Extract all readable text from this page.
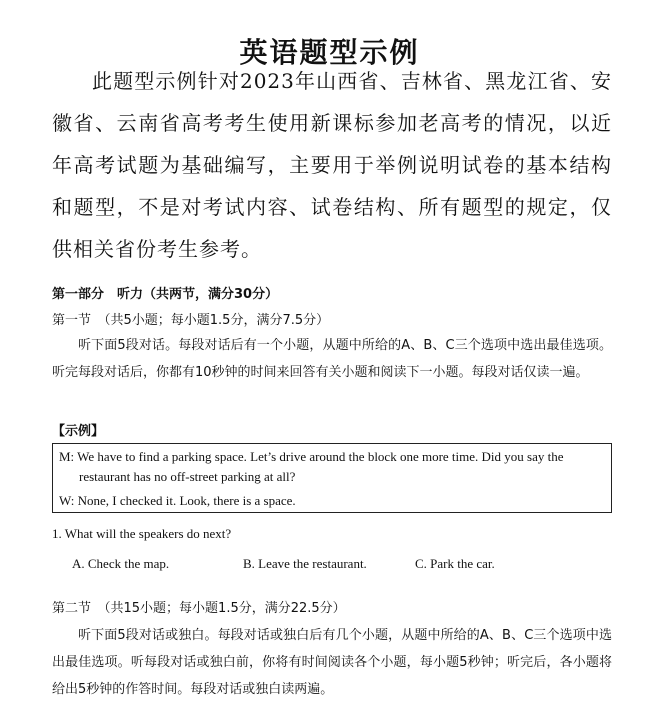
英语题型示例

此题型示例针对2023年山西省、吉林省、黑龙江省、安徽省、云南省高考考生使用新课标参加老高考的情况，以近年高考试题为基础编写，主要用于举例说明试卷的基本结构和题型，不是对考试内容、试卷结构、所有题型的规定，仅供相关省份考生参考。

第一部分　听力（共两节，满分30分）

第一节　（共5小题；每小题1.5分，满分7.5分）

听下面5段对话。每段对话后有一个小题，从题中所给的A、B、C三个选项中选出最佳选项。听完每段对话后，你都有10秒钟的时间来回答有关小题和阅读下一小题。每段对话仅读一遍。

【示例】

M: We have to find a parking space. Let’s drive around the block one more time. Did you say the

restaurant has no off-street parking at all?

W: None, I checked it. Look, there is a space.

1. What will the speakers do next?

A. Check the map.	B. Leave the restaurant.	C. Park the car.

第二节　（共15小题；每小题1.5分，满分22.5分）

听下面5段对话或独白。每段对话或独白后有几个小题，从题中所给的A、B、C三个选项中选出最佳选项。听每段对话或独白前，你将有时间阅读各个小题，每小题5秒钟；听完后，各小题将给出5秒钟的作答时间。每段对话或独白读两遍。
